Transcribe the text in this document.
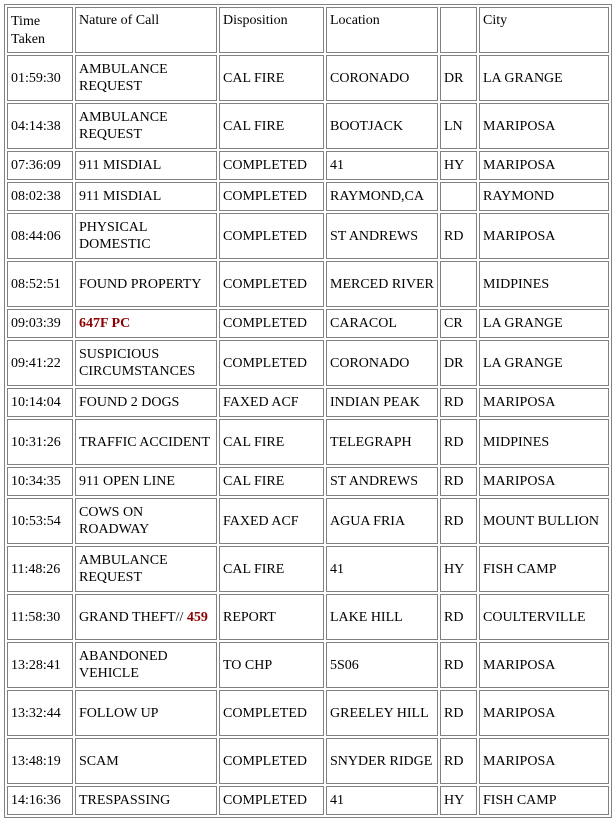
Time Taken	Nature of Call	Disposition	Location		City
01:59:30	AMBULANCE REQUEST	CAL FIRE	CORONADO	DR	LA GRANGE
04:14:38	AMBULANCE REQUEST	CAL FIRE	BOOTJACK	LN	MARIPOSA
07:36:09	911 MISDIAL	COMPLETED	41	HY	MARIPOSA
08:02:38	911 MISDIAL	COMPLETED	RAYMOND,CA		RAYMOND
08:44:06	PHYSICAL DOMESTIC	COMPLETED	ST ANDREWS	RD	MARIPOSA
08:52:51	FOUND PROPERTY	COMPLETED	MERCED RIVER		MIDPINES
09:03:39	647F PC	COMPLETED	CARACOL	CR	LA GRANGE
09:41:22	SUSPICIOUS CIRCUMSTANCES	COMPLETED	CORONADO	DR	LA GRANGE
10:14:04	FOUND 2 DOGS	FAXED ACF	INDIAN PEAK	RD	MARIPOSA
10:31:26	TRAFFIC ACCIDENT	CAL FIRE	TELEGRAPH	RD	MIDPINES
10:34:35	911 OPEN LINE	CAL FIRE	ST ANDREWS	RD	MARIPOSA
10:53:54	COWS ON ROADWAY	FAXED ACF	AGUA FRIA	RD	MOUNT BULLION
11:48:26	AMBULANCE REQUEST	CAL FIRE	41	HY	FISH CAMP
11:58:30	GRAND THEFT// 459	REPORT	LAKE HILL	RD	COULTERVILLE
13:28:41	ABANDONED VEHICLE	TO CHP	5S06	RD	MARIPOSA
13:32:44	FOLLOW UP	COMPLETED	GREELEY HILL	RD	MARIPOSA
13:48:19	SCAM	COMPLETED	SNYDER RIDGE	RD	MARIPOSA
14:16:36	TRESPASSING	COMPLETED	41	HY	FISH CAMP
